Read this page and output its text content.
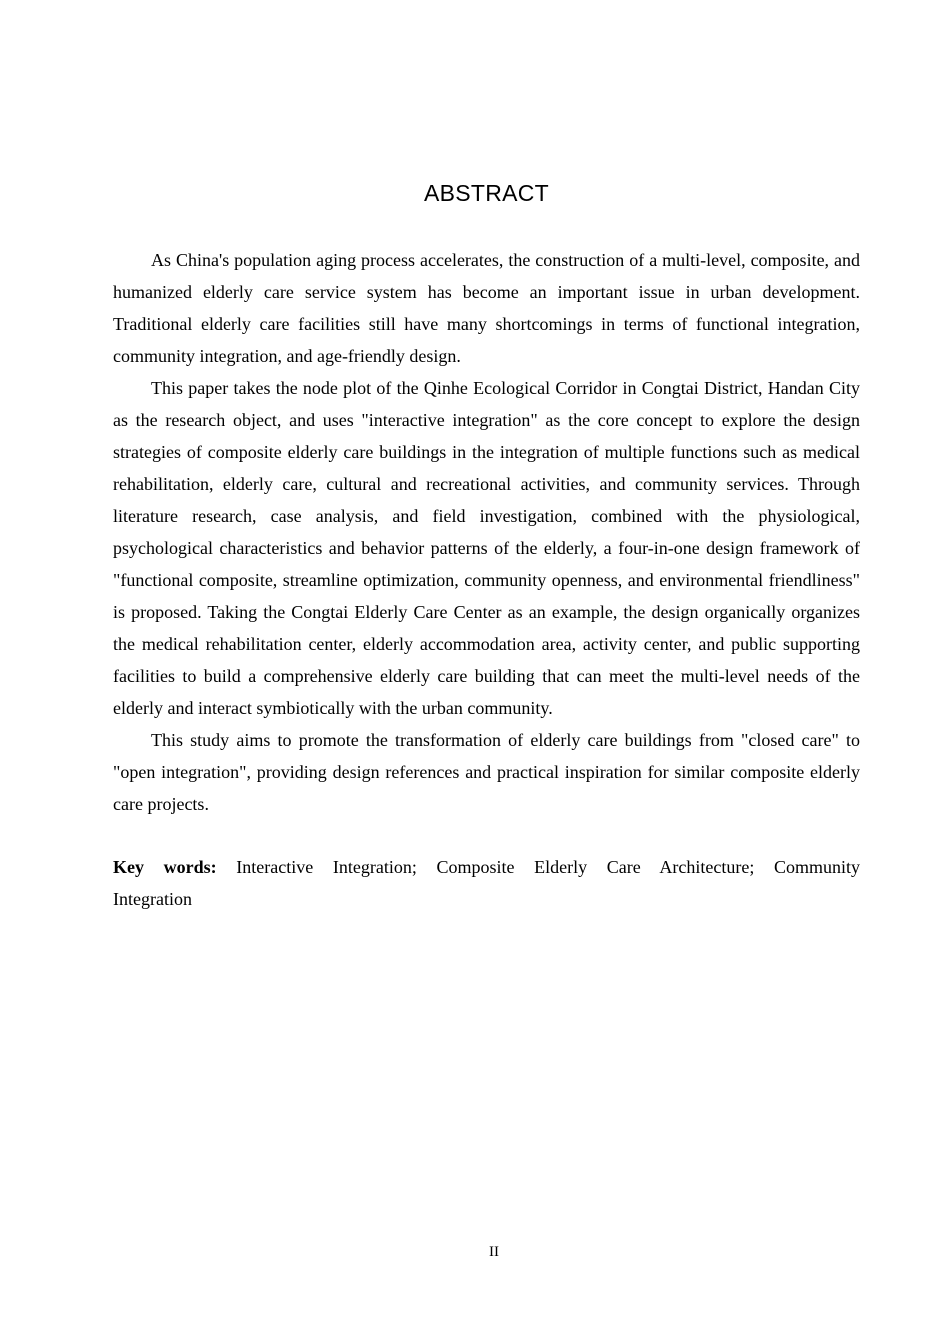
ABSTRACT

As China's population aging process accelerates, the construction of a multi-level, composite, and humanized elderly care service system has become an important issue in urban development. Traditional elderly care facilities still have many shortcomings in terms of functional integration, community integration, and age-friendly design.

This paper takes the node plot of the Qinhe Ecological Corridor in Congtai District, Handan City as the research object, and uses "interactive integration" as the core concept to explore the design strategies of composite elderly care buildings in the integration of multiple functions such as medical rehabilitation, elderly care, cultural and recreational activities, and community services. Through literature research, case analysis, and field investigation, combined with the physiological, psychological characteristics and behavior patterns of the elderly, a four-in-one design framework of "functional composite, streamline optimization, community openness, and environmental friendliness" is proposed. Taking the Congtai Elderly Care Center as an example, the design organically organizes the medical rehabilitation center, elderly accommodation area, activity center, and public supporting facilities to build a comprehensive elderly care building that can meet the multi-level needs of the elderly and interact symbiotically with the urban community.

This study aims to promote the transformation of elderly care buildings from "closed care" to "open integration", providing design references and practical inspiration for similar composite elderly care projects.

Key words: Interactive Integration; Composite Elderly Care Architecture; Community Integration
II
